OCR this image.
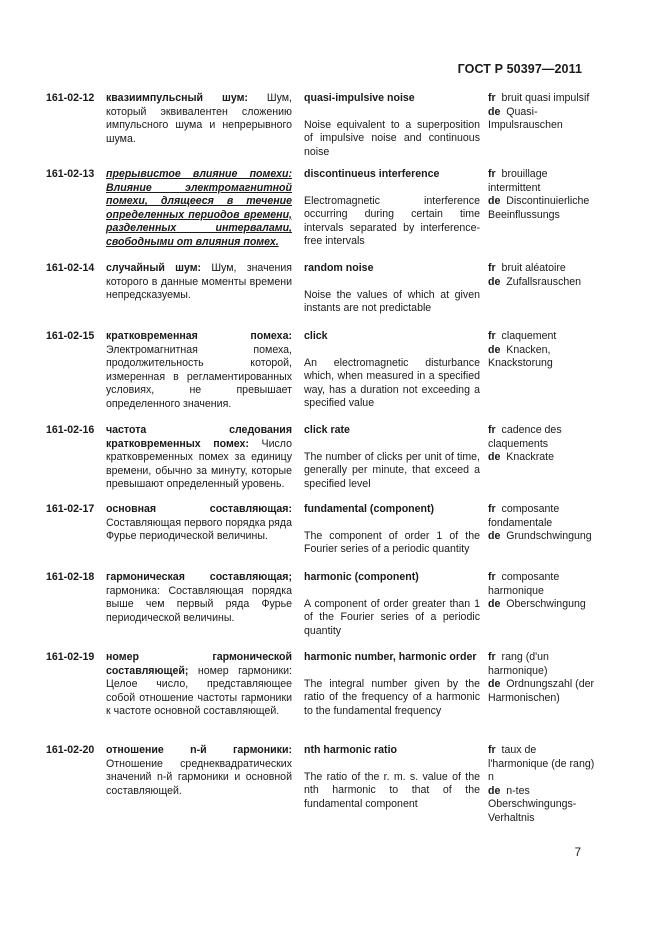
ГОСТ Р 50397—2011
161-02-12 квазиимпульсный шум: Шум, который эквивалентен сложению импульсного шума и непрерывного шума.
quasi-impulsive noise
Noise equivalent to a superposition of impulsive noise and continuous noise
fr bruit quasi impulsif
de Quasi-Impulsrauschen
161-02-13 прерывистое влияние помехи: Влияние электромагнитной помехи, длящееся в течение определенных периодов времени, разделенных интервалами, свободными от влияния помех.
discontinueus interference
Electromagnetic interference occurring during certain time intervals separated by interference-free intervals
fr brouillage intermittent
de Discontinuierliche Beeinflussungs
161-02-14 случайный шум: Шум, значения которого в данные моменты времени непредсказуемы.
random noise
Noise the values of which at given instants are not predictable
fr bruit aléatoire
de Zufallsrauschen
161-02-15 кратковременная помеха: Электромагнитная помеха, продолжительность которой, измеренная в регламентированных условиях, не превышает определенного значения.
click
An electromagnetic disturbance which, when measured in a specified way, has a duration not exceeding a specified value
fr claquement
de Knacken, Knackstorung
161-02-16 частота следования кратковременных помех: Число кратковременных помех за единицу времени, обычно за минуту, которые превышают определенный уровень.
click rate
The number of clicks per unit of time, generally per minute, that exceed a specified level
fr cadence des claquements
de Knackrate
161-02-17 основная составляющая: Составляющая первого порядка ряда Фурье периодической величины.
fundamental (component)
The component of order 1 of the Fourier series of a periodic quantity
fr composante fondamentale
de Grundschwingung
161-02-18 гармоническая составляющая; гармоника: Составляющая порядка выше чем первый ряда Фурье периодической величины.
harmonic (component)
A component of order greater than 1 of the Fourier series of a periodic quantity
fr composante harmonique
de Oberschwingung
161-02-19 номер гармонической составляющей; номер гармоники: Целое число, представляющее собой отношение частоты гармоники к частоте основной составляющей.
harmonic number, harmonic order
The integral number given by the ratio of the frequency of a harmonic to the fundamental frequency
fr rang (d'un harmonique)
de Ordnungszahl (der Harmonischen)
161-02-20 отношение n-й гармоники: Отношение среднеквадратических значений n-й гармоники и основной составляющей.
nth harmonic ratio
The ratio of the r. m. s. value of the nth harmonic to that of the fundamental component
fr taux de l'harmonique (de rang) n
de n-tes Oberschwingungs-Verhaltnis
7
